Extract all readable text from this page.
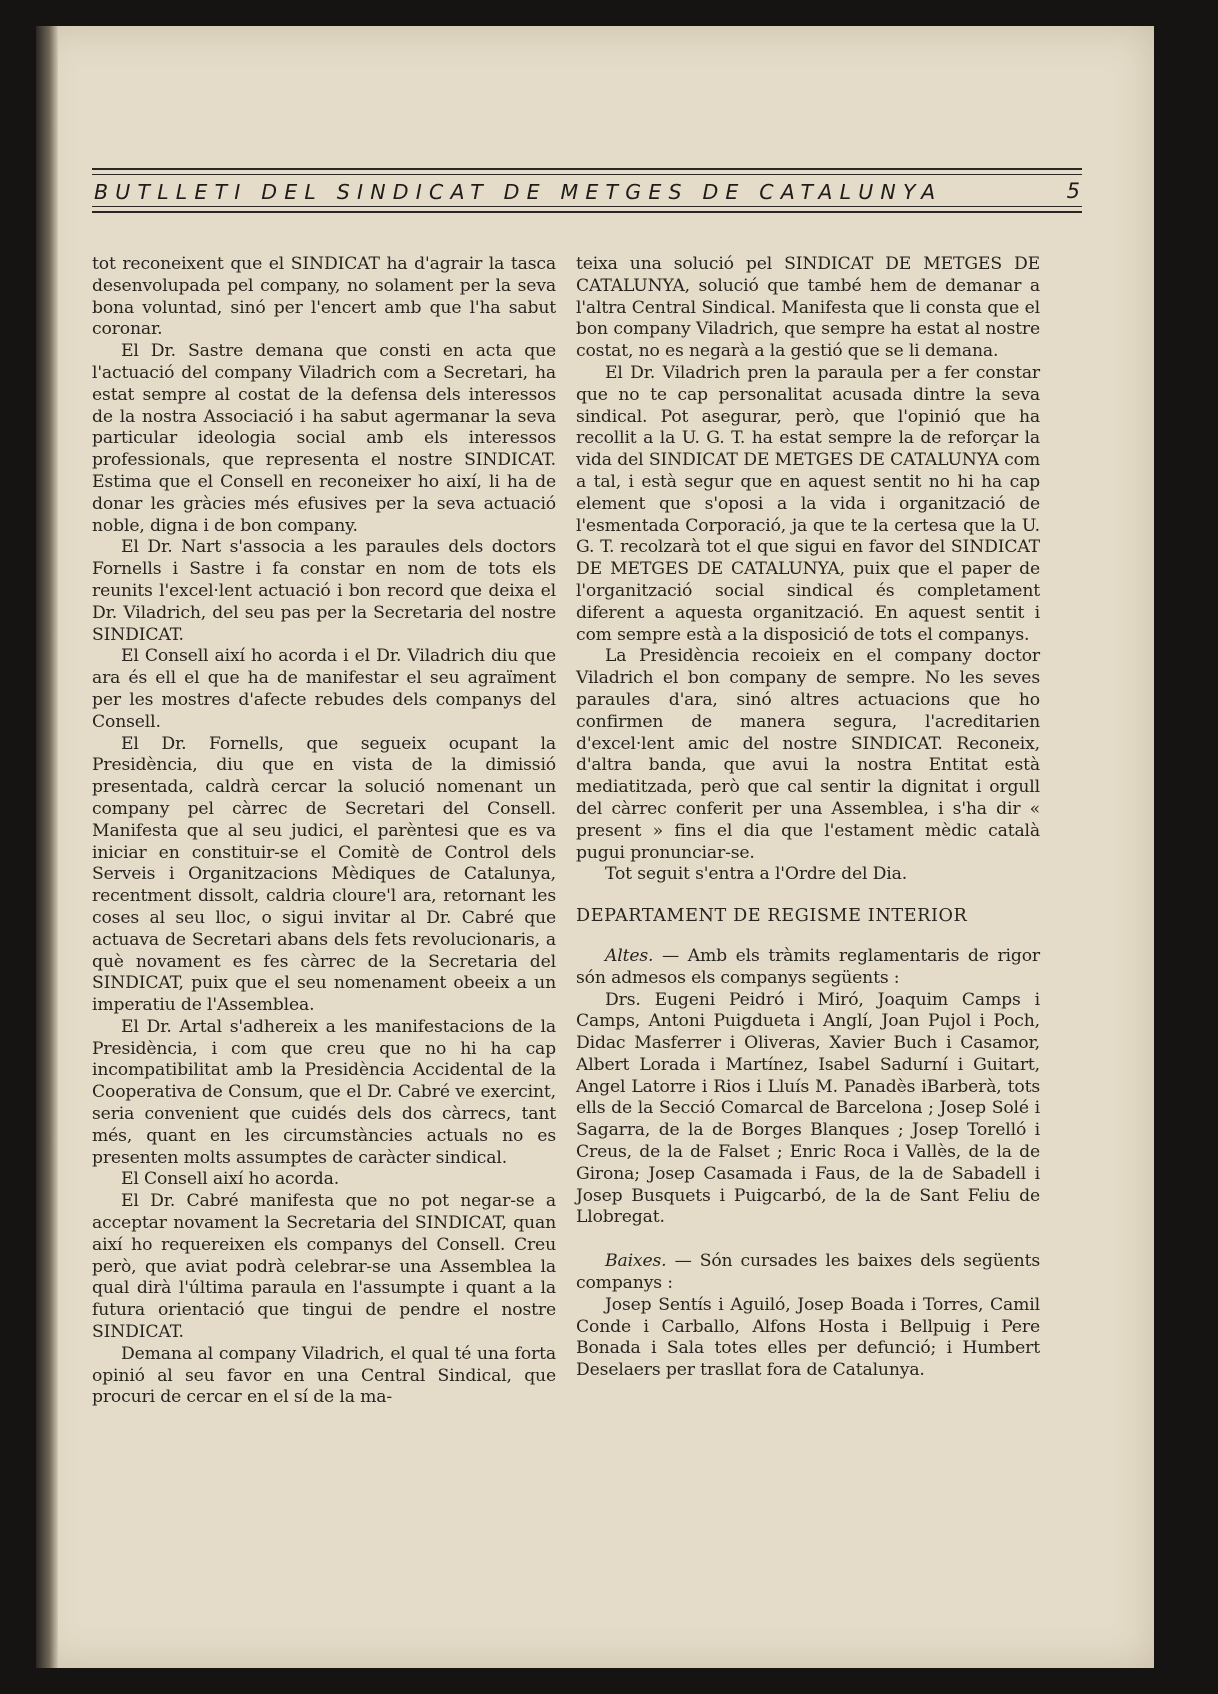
BUTLLETI DEL SINDICAT DE METGES DE CATALUNYA	5

tot reconeixent que el SINDICAT ha d'agrair la tasca desenvolupada pel company, no solament per la seva bona voluntad, sinó per l'encert amb que l'ha sabut coronar.

El Dr. Sastre demana que consti en acta que l'actuació del company Viladrich com a Secretari, ha estat sempre al costat de la defensa dels interessos de la nostra Associació i ha sabut agermanar la seva particular ideologia social amb els interessos professionals, que representa el nostre SINDICAT. Estima que el Consell en reconeixer ho així, li ha de donar les gràcies més efusives per la seva actuació noble, digna i de bon company.

El Dr. Nart s'associa a les paraules dels doctors Fornells i Sastre i fa constar en nom de tots els reunits l'excel·lent actuació i bon record que deixa el Dr. Viladrich, del seu pas per la Secretaria del nostre SINDICAT.

El Consell així ho acorda i el Dr. Viladrich diu que ara és ell el que ha de manifestar el seu agraïment per les mostres d'afecte rebudes dels companys del Consell.

El Dr. Fornells, que segueix ocupant la Presidència, diu que en vista de la dimissió presentada, caldrà cercar la solució nomenant un company pel càrrec de Secretari del Consell. Manifesta que al seu judici, el parèntesi que es va iniciar en constituir-se el Comitè de Control dels Serveis i Organitzacions Mèdiques de Catalunya, recentment dissolt, caldria cloure'l ara, retornant les coses al seu lloc, o sigui invitar al Dr. Cabré que actuava de Secretari abans dels fets revolucionaris, a què novament es fes càrrec de la Secretaria del SINDICAT, puix que el seu nomenament obeeix a un imperatiu de l'Assemblea.

El Dr. Artal s'adhereix a les manifestacions de la Presidència, i com que creu que no hi ha cap incompatibilitat amb la Presidència Accidental de la Cooperativa de Consum, que el Dr. Cabré ve exercint, seria convenient que cuidés dels dos càrrecs, tant més, quant en les circumstàncies actuals no es presenten molts assumptes de caràcter sindical.

El Consell així ho acorda.

El Dr. Cabré manifesta que no pot negar-se a acceptar novament la Secretaria del SINDICAT, quan així ho requereixen els companys del Consell. Creu però, que aviat podrà celebrar-se una Assemblea la qual dirà l'última paraula en l'assumpte i quant a la futura orientació que tingui de pendre el nostre SINDICAT.

Demana al company Viladrich, el qual té una forta opinió al seu favor en una Central Sindical, que procuri de cercar en el sí de la ma-

teixa una solució pel SINDICAT DE METGES DE CATALUNYA, solució que també hem de demanar a l'altra Central Sindical. Manifesta que li consta que el bon company Viladrich, que sempre ha estat al nostre costat, no es negarà a la gestió que se li demana.

El Dr. Viladrich pren la paraula per a fer constar que no te cap personalitat acusada dintre la seva sindical. Pot asegurar, però, que l'opinió que ha recollit a la U. G. T. ha estat sempre la de reforçar la vida del SINDICAT DE METGES DE CATALUNYA com a tal, i està segur que en aquest sentit no hi ha cap element que s'oposi a la vida i organització de l'esmentada Corporació, ja que te la certesa que la U. G. T. recolzarà tot el que sigui en favor del SINDICAT DE METGES DE CATALUNYA, puix que el paper de l'organització social sindical és completament diferent a aquesta organització. En aquest sentit i com sempre està a la disposició de tots el companys.

La Presidència recoieix en el company doctor Viladrich el bon company de sempre. No les seves paraules d'ara, sinó altres actuacions que ho confirmen de manera segura, l'acreditarien d'excel·lent amic del nostre SINDICAT. Reconeix, d'altra banda, que avui la nostra Entitat està mediatitzada, però que cal sentir la dignitat i orgull del càrrec conferit per una Assemblea, i s'ha dir « present » fins el dia que l'estament mèdic català pugui pronunciar-se.

Tot seguit s'entra a l'Ordre del Dia.

DEPARTAMENT DE REGISME INTERIOR

Altes. — Amb els tràmits reglamentaris de rigor són admesos els companys següents :

Drs. Eugeni Peidró i Miró, Joaquim Camps i Camps, Antoni Puigdueta i Anglí, Joan Pujol i Poch, Didac Masferrer i Oliveras, Xavier Buch i Casamor, Albert Lorada i Martínez, Isabel Sadurní i Guitart, Angel Latorre i Rios i Lluís M. Panadès iBarberà, tots ells de la Secció Comarcal de Barcelona ; Josep Solé i Sagarra, de la de Borges Blanques ; Josep Torelló i Creus, de la de Falset ; Enric Roca i Vallès, de la de Girona; Josep Casamada i Faus, de la de Sabadell i Josep Busquets i Puigcarbó, de la de Sant Feliu de Llobregat.

Baixes. — Són cursades les baixes dels següents companys :

Josep Sentís i Aguiló, Josep Boada i Torres, Camil Conde i Carballo, Alfons Hosta i Bellpuig i Pere Bonada i Sala totes elles per defunció; i Humbert Deselaers per trasllat fora de Catalunya.
